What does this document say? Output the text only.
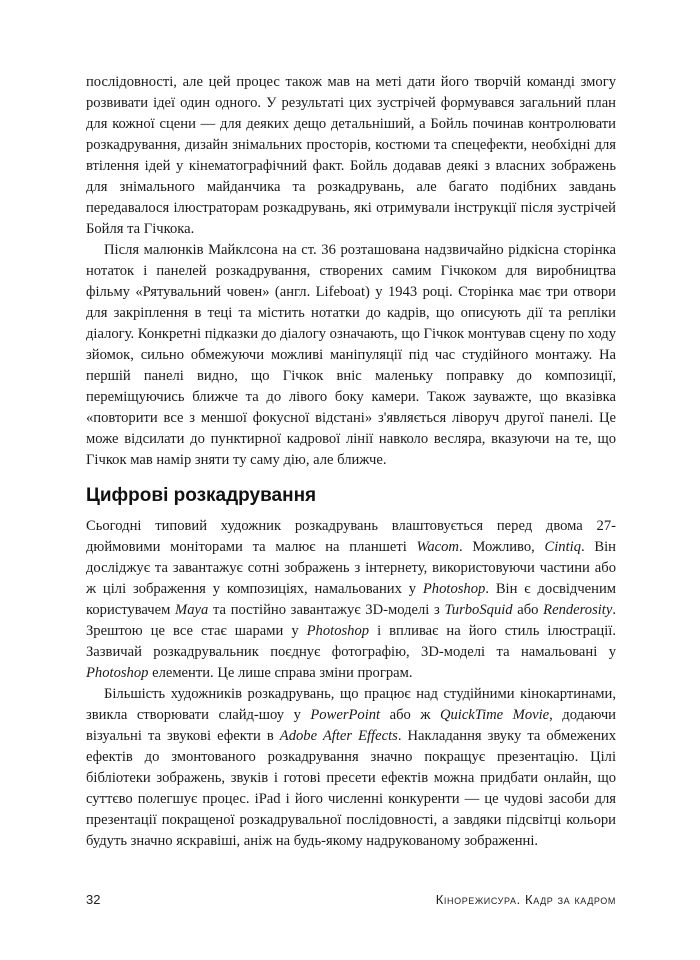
послідовності, але цей процес також мав на меті дати його творчій команді змогу розвивати ідеї один одного. У результаті цих зустрічей формувався загальний план для кожної сцени — для деяких дещо детальніший, а Бойль починав контролювати розкадрування, дизайн знімальних просторів, костюми та спецефекти, необхідні для втілення ідей у кінематографічний факт. Бойль додавав деякі з власних зображень для знімального майданчика та розкадрувань, але багато подібних завдань передавалося ілюстраторам розкадрувань, які отримували інструкції після зустрічей Бойля та Гічкока.

Після малюнків Майклсона на ст. 36 розташована надзвичайно рідкісна сторінка нотаток і панелей розкадрування, створених самим Гічкоком для виробництва фільму «Рятувальний човен» (англ. Lifeboat) у 1943 році. Сторінка має три отвори для закріплення в теці та містить нотатки до кадрів, що описують дії та репліки діалогу. Конкретні підказки до діалогу означають, що Гічкок монтував сцену по ходу зйомок, сильно обмежуючи можливі маніпуляції під час студійного монтажу. На першій панелі видно, що Гічкок вніс маленьку поправку до композиції, переміщуючись ближче та до лівого боку камери. Також зауважте, що вказівка «повторити все з меншої фокусної відстані» з'являється ліворуч другої панелі. Це може відсилати до пунктирної кадрової лінії навколо весляра, вказуючи на те, що Гічкок мав намір зняти ту саму дію, але ближче.

Цифрові розкадрування

Сьогодні типовий художник розкадрувань влаштовується перед двома 27-дюймовими моніторами та малює на планшеті Wacom. Можливо, Cintiq. Він досліджує та завантажує сотні зображень з інтернету, використовуючи частини або ж цілі зображення у композиціях, намальованих у Photoshop. Він є досвідченим користувачем Maya та постійно завантажує 3D-моделі з TurboSquid або Renderosity. Зрештою це все стає шарами у Photoshop і впливає на його стиль ілюстрації. Зазвичай розкадрувальник поєднує фотографію, 3D-моделі та намальовані у Photoshop елементи. Це лише справа зміни програм.

Більшість художників розкадрувань, що працює над студійними кінокартинами, звикла створювати слайд-шоу у PowerPoint або ж QuickTime Movie, додаючи візуальні та звукові ефекти в Adobe After Effects. Накладання звуку та обмежених ефектів до змонтованого розкадрування значно покращує презентацію. Цілі бібліотеки зображень, звуків і готові пресети ефектів можна придбати онлайн, що суттєво полегшує процес. iPad і його численні конкуренти — це чудові засоби для презентації покращеної розкадрувальної послідовності, а завдяки підсвітці кольори будуть значно яскравіші, аніж на будь-якому надрукованому зображенні.

32	Кінорежисура. Кадр за кадром
